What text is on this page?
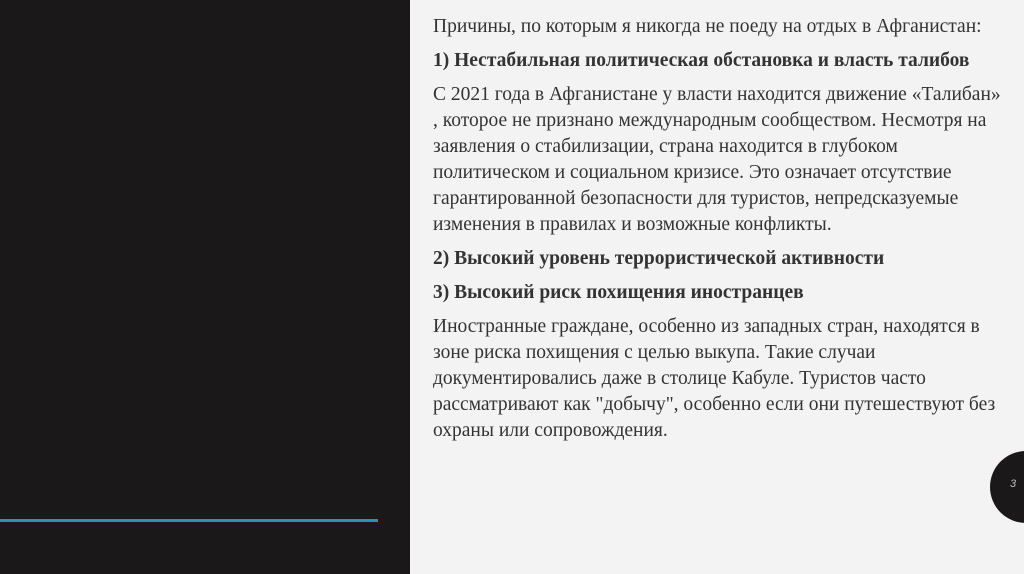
Причины, по которым я никогда не поеду на отдых в Афганистан:

1) Нестабильная политическая обстановка и власть талибов

С 2021 года в Афганистане у власти находится движение «Талибан» , которое не признано международным сообществом. Несмотря на заявления о стабилизации, страна находится в глубоком политическом и социальном кризисе. Это означает отсутствие гарантированной безопасности для туристов, непредсказуемые изменения в правилах и возможные конфликты.

2) Высокий уровень террористической активности

3) Высокий риск похищения иностранцев

Иностранные граждане, особенно из западных стран, находятся в зоне риска похищения с целью выкупа. Такие случаи документировались даже в столице Кабуле. Туристов часто рассматривают как "добычу", особенно если они путешествуют без охраны или сопровождения.

3
